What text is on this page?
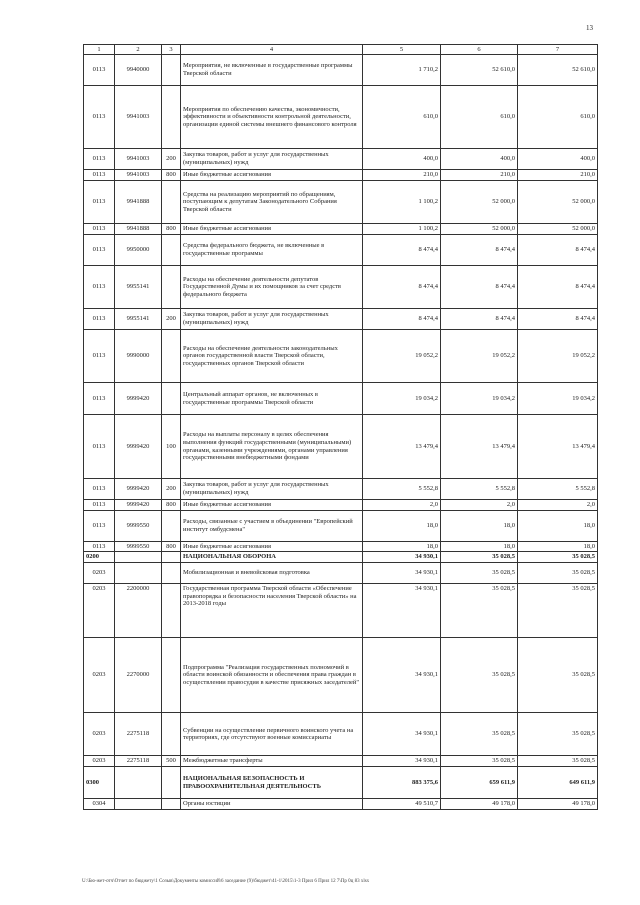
13
1	2	3	4	5	6	7
0113	9940000		Мероприятия, не включенные в государственные программы Тверской области	1 710,2	52 610,0	52 610,0
0113	9941003		Мероприятия по обеспечению качества, экономичности, эффективности и объективности контрольной деятельности, организации единой системы внешнего финансового контроля	610,0	610,0	610,0
0113	9941003	200	Закупка товаров, работ и услуг для государственных (муниципальных) нужд	400,0	400,0	400,0
0113	9941003	800	Иные бюджетные ассигнования	210,0	210,0	210,0
0113	9941888		Средства на реализацию мероприятий по обращениям, поступающим к депутатам Законодательного Собрания Тверской области	1 100,2	52 000,0	52 000,0
0113	9941888	800	Иные бюджетные ассигнования	1 100,2	52 000,0	52 000,0
0113	9950000		Средства федерального бюджета, не включенные в государственные программы	8 474,4	8 474,4	8 474,4
0113	9955141		Расходы на обеспечение деятельности депутатов Государственной Думы и их помощников за счет средств федерального бюджета	8 474,4	8 474,4	8 474,4
0113	9955141	200	Закупка товаров, работ и услуг для государственных (муниципальных) нужд	8 474,4	8 474,4	8 474,4
0113	9990000		Расходы на обеспечение деятельности законодательных органов государственной власти Тверской области, государственных органов Тверской области	19 052,2	19 052,2	19 052,2
0113	9999420		Центральный аппарат органов, не включенных в государственные программы Тверской области	19 034,2	19 034,2	19 034,2
0113	9999420	100	Расходы на выплаты персоналу в целях обеспечения выполнения функций государственными (муниципальными) органами, казенными учреждениями, органами управления государственными внебюджетными фондами	13 479,4	13 479,4	13 479,4
0113	9999420	200	Закупка товаров, работ и услуг для государственных (муниципальных) нужд	5 552,8	5 552,8	5 552,8
0113	9999420	800	Иные бюджетные ассигнования	2,0	2,0	2,0
0113	9999550		Расходы, связанные с участием в объединении "Европейский институт омбудсмена"	18,0	18,0	18,0
0113	9999550	800	Иные бюджетные ассигнования	18,0	18,0	18,0
0200			НАЦИОНАЛЬНАЯ ОБОРОНА	34 930,1	35 028,5	35 028,5
0203			Мобилизационная и вневойсковая подготовка	34 930,1	35 028,5	35 028,5
0203	2200000		Государственная программа Тверской области «Обеспечение правопорядка и безопасности населения Тверской области» на 2013-2018 годы	34 930,1	35 028,5	35 028,5
0203	2270000		Подпрограмма "Реализация государственных полномочий в области воинской обязанности и обеспечения права граждан в осуществлении правосудия в качестве присяжных заседателей"	34 930,1	35 028,5	35 028,5
0203	2275118		Субвенции на осуществление первичного воинского учета на территориях, где отсутствуют военные комиссариаты	34 930,1	35 028,5	35 028,5
0203	2275118	500	Межбюджетные трансферты	34 930,1	35 028,5	35 028,5
0300			НАЦИОНАЛЬНАЯ БЕЗОПАСНОСТЬ И ПРАВООХРАНИТЕЛЬНАЯ ДЕЯТЕЛЬНОСТЬ	883 375,6	659 611,9	649 611,9
0304			Органы юстиции	49 510,7	49 178,0	49 178,0
U:\Бю-жет-отч\Отчет по бюджету\1 Созыв\Документы комиссий\6 заседание (9)\бюджет\41-1\2015\1-3 Прил 6 Прил 12 7\Пр 0ц 83 xlsx
